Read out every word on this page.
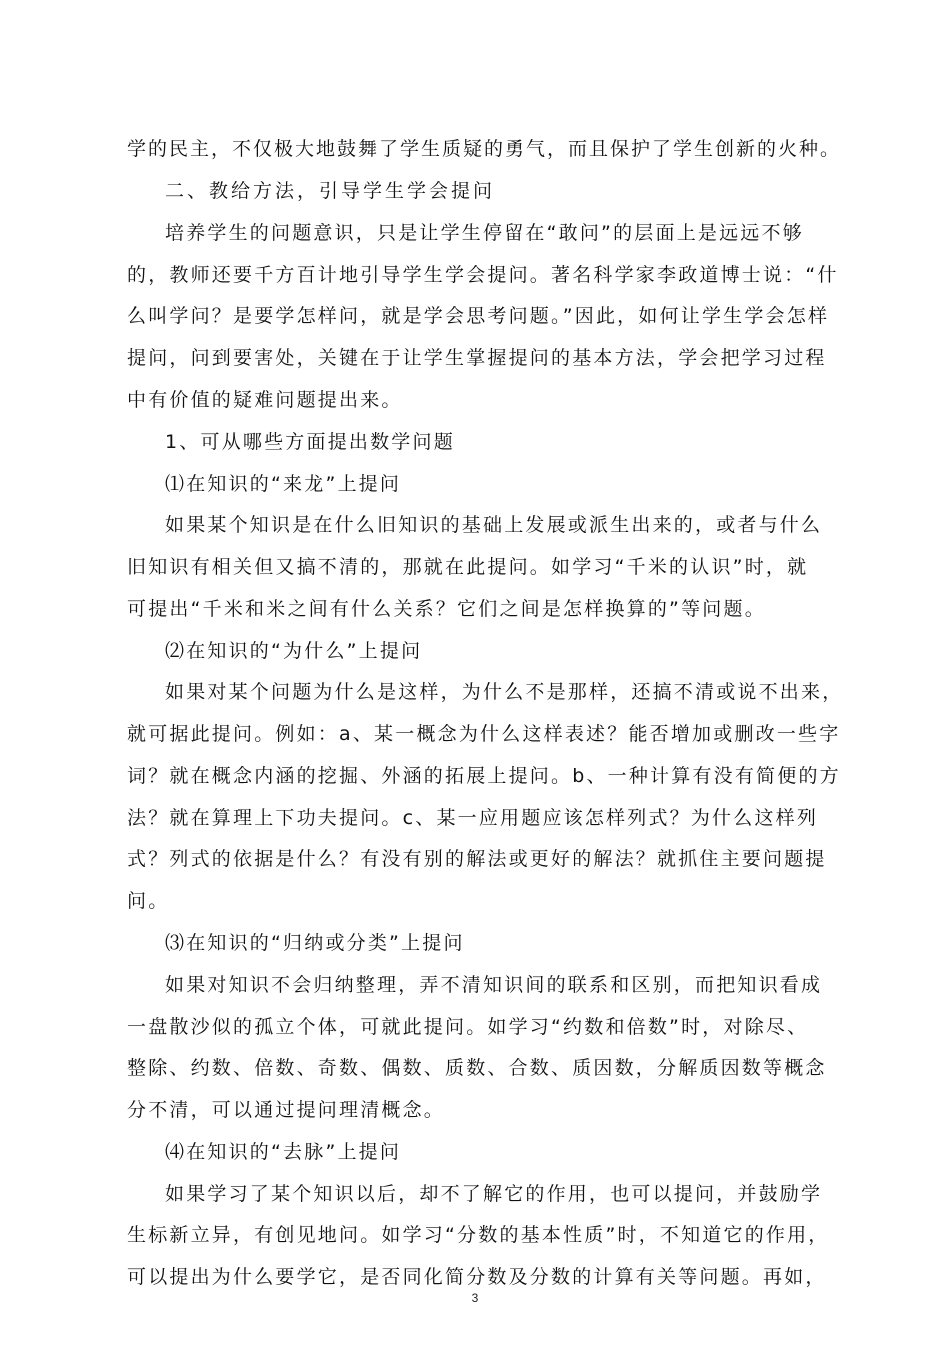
学的民主，不仅极大地鼓舞了学生质疑的勇气，而且保护了学生创新的火种。
二、教给方法，引导学生学会提问
培养学生的问题意识，只是让学生停留在“敢问”的层面上是远远不够
的，教师还要千方百计地引导学生学会提问。著名科学家李政道博士说：“什
么叫学问？是要学怎样问，就是学会思考问题。”因此，如何让学生学会怎样
提问，问到要害处，关键在于让学生掌握提问的基本方法，学会把学习过程
中有价值的疑难问题提出来。
1、可从哪些方面提出数学问题
⑴在知识的“来龙”上提问
如果某个知识是在什么旧知识的基础上发展或派生出来的，或者与什么
旧知识有相关但又搞不清的，那就在此提问。如学习“千米的认识”时，就
可提出“千米和米之间有什么关系？它们之间是怎样换算的”等问题。
⑵在知识的“为什么”上提问
如果对某个问题为什么是这样，为什么不是那样，还搞不清或说不出来，
就可据此提问。例如：a、某一概念为什么这样表述？能否增加或删改一些字
词？就在概念内涵的挖掘、外涵的拓展上提问。b、一种计算有没有简便的方
法？就在算理上下功夫提问。c、某一应用题应该怎样列式？为什么这样列
式？列式的依据是什么？有没有别的解法或更好的解法？就抓住主要问题提
问。
⑶在知识的“归纳或分类”上提问
如果对知识不会归纳整理，弄不清知识间的联系和区别，而把知识看成
一盘散沙似的孤立个体，可就此提问。如学习“约数和倍数”时，对除尽、
整除、约数、倍数、奇数、偶数、质数、合数、质因数，分解质因数等概念
分不清，可以通过提问理清概念。
⑷在知识的“去脉”上提问
如果学习了某个知识以后，却不了解它的作用，也可以提问，并鼓励学
生标新立异，有创见地问。如学习“分数的基本性质”时，不知道它的作用，
可以提出为什么要学它，是否同化简分数及分数的计算有关等问题。再如，
3
